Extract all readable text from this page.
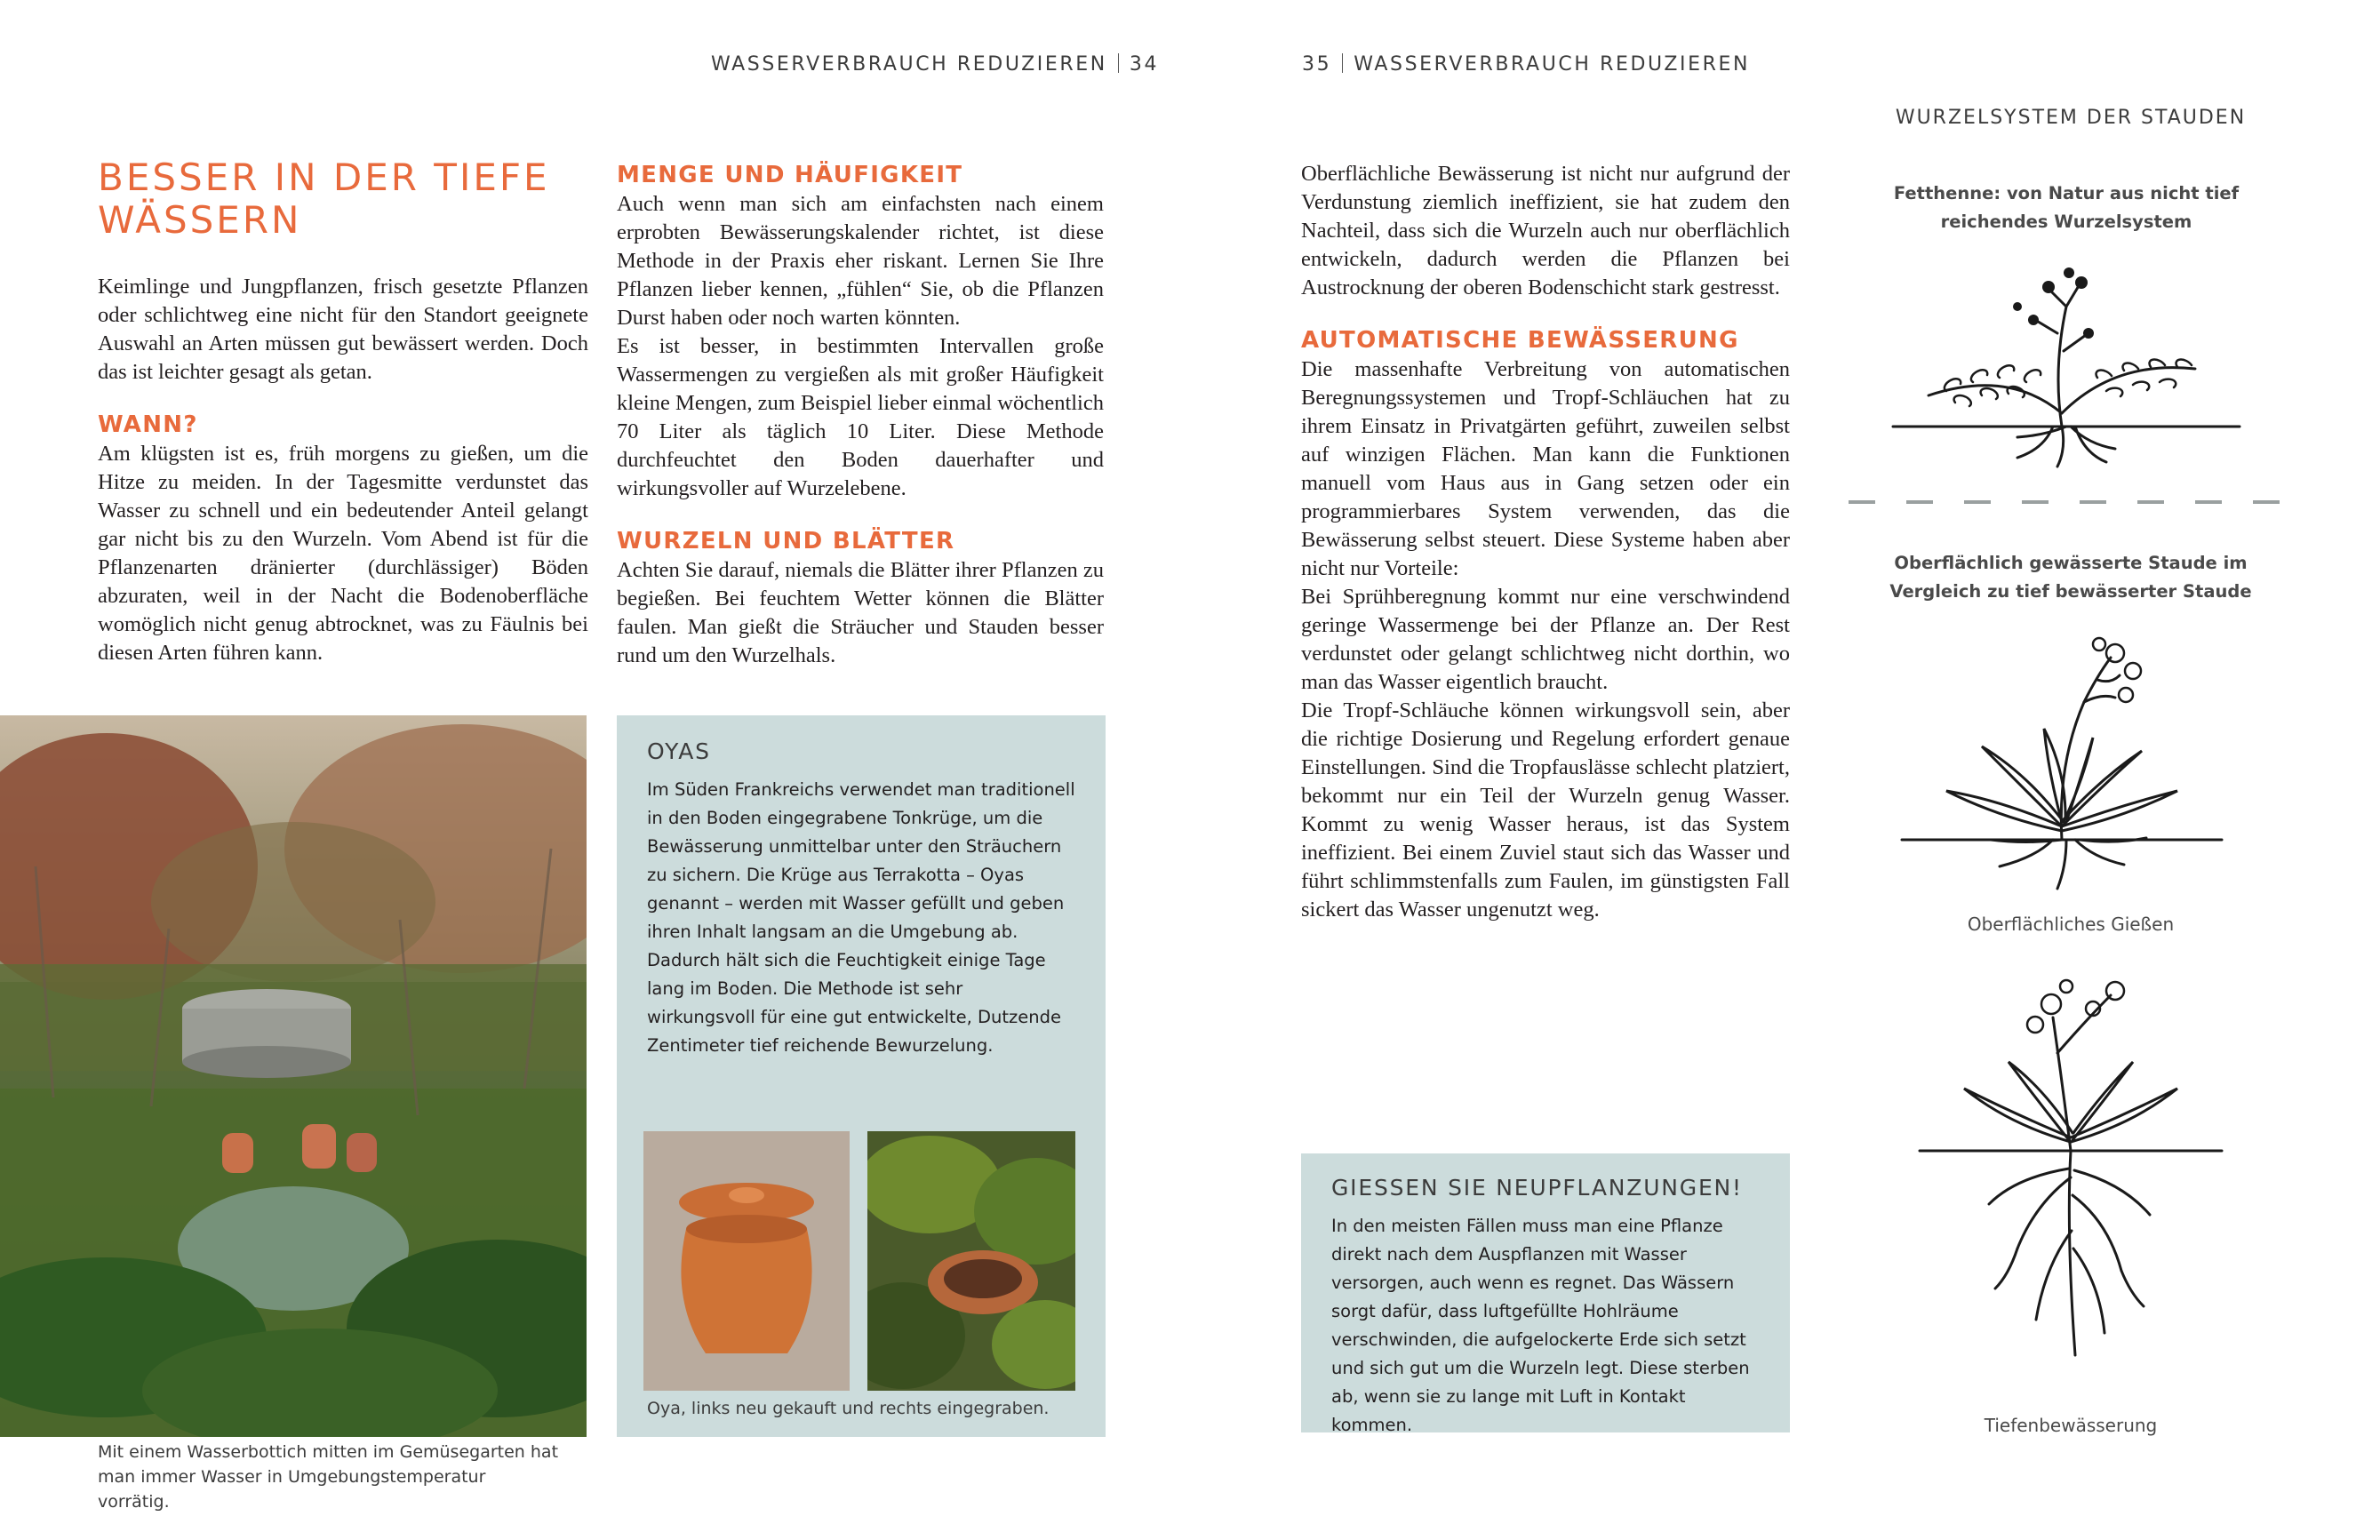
WASSERVERBRAUCH REDUZIEREN 34
BESSER IN DER TIEFE
WÄSSERN

Keimlinge und Jungpflanzen, frisch gesetzte Pflanzen oder schlichtweg eine nicht für den Standort geeignete Auswahl an Arten müssen gut bewässert werden. Doch das ist leichter gesagt als getan.

WANN?

Am klügsten ist es, früh morgens zu gießen, um die Hitze zu meiden. In der Tagesmitte verdunstet das Wasser zu schnell und ein bedeutender Anteil gelangt gar nicht bis zu den Wurzeln. Vom Abend ist für die Pflanzenarten dränierter (durchlässiger) Böden abzuraten, weil in der Nacht die Bodenoberfläche womöglich nicht genug abtrocknet, was zu Fäulnis bei diesen Arten führen kann.

MENGE UND HÄUFIGKEIT

Auch wenn man sich am einfachsten nach einem erprobten Bewässerungskalender richtet, ist diese Methode in der Praxis eher riskant. Lernen Sie Ihre Pflanzen lieber kennen, „fühlen“ Sie, ob die Pflanzen Durst haben oder noch warten könnten.

Es ist besser, in bestimmten Intervallen große Wassermengen zu vergießen als mit großer Häufigkeit kleine Mengen, zum Beispiel lieber einmal wöchentlich 70 Liter als täglich 10 Liter. Diese Methode durchfeuchtet den Boden dauerhafter und wirkungsvoller auf Wurzelebene.

WURZELN UND BLÄTTER

Achten Sie darauf, niemals die Blätter ihrer Pflanzen zu begießen. Bei feuchtem Wetter können die Blätter faulen. Man gießt die Sträucher und Stauden besser rund um den Wurzelhals.

Mit einem Wasserbottich mitten im Gemüsegarten hat man immer Wasser in Umgebungstemperatur vorrätig.
OYAS
Im Süden Frankreichs verwendet man traditionell in den Boden eingegrabene Tonkrüge, um die Bewässerung unmittelbar unter den Sträuchern zu sichern. Die Krüge aus Terrakotta – Oyas genannt – werden mit Wasser gefüllt und geben ihren Inhalt langsam an die Umgebung ab. Dadurch hält sich die Feuchtigkeit einige Tage lang im Boden. Die Methode ist sehr wirkungsvoll für eine gut entwickelte, Dutzende Zentimeter tief reichende Bewurzelung.
Oya, links neu gekauft und rechts eingegraben.
35 WASSERVERBRAUCH REDUZIEREN

Oberflächliche Bewässerung ist nicht nur aufgrund der Verdunstung ziemlich ineffizient, sie hat zudem den Nachteil, dass sich die Wurzeln auch nur oberflächlich entwickeln, dadurch werden die Pflanzen bei Austrocknung der oberen Bodenschicht stark gestresst.

AUTOMATISCHE BEWÄSSERUNG

Die massenhafte Verbreitung von automatischen Beregnungssystemen und Tropf-Schläuchen hat zu ihrem Einsatz in Privatgärten geführt, zuweilen selbst auf winzigen Flächen. Man kann die Funktionen manuell vom Haus aus in Gang setzen oder ein programmierbares System verwenden, das die Bewässerung selbst steuert. Diese Systeme haben aber nicht nur Vorteile:

Bei Sprühberegnung kommt nur eine verschwindend geringe Wassermenge bei der Pflanze an. Der Rest verdunstet oder gelangt schlichtweg nicht dorthin, wo man das Wasser eigentlich braucht.

Die Tropf-Schläuche können wirkungsvoll sein, aber die richtige Dosierung und Regelung erfordert genaue Einstellungen. Sind die Tropfauslässe schlecht platziert, bekommt nur ein Teil der Wurzeln genug Wasser. Kommt zu wenig Wasser heraus, ist das System ineffizient. Bei einem Zuviel staut sich das Wasser und führt schlimmstenfalls zum Faulen, im günstigsten Fall sickert das Wasser ungenutzt weg.

GIESSEN SIE NEUPFLANZUNGEN!
In den meisten Fällen muss man eine Pflanze direkt nach dem Auspflanzen mit Wasser versorgen, auch wenn es regnet. Das Wässern sorgt dafür, dass luftgefüllte Hohlräume verschwinden, die aufgelockerte Erde sich setzt und sich gut um die Wurzeln legt. Diese sterben ab, wenn sie zu lange mit Luft in Kontakt kommen.
WURZELSYSTEM DER STAUDEN
Fetthenne: von Natur aus nicht tief reichendes Wurzelsystem
Oberflächlich gewässerte Staude im Vergleich zu tief bewässerter Staude
Oberflächliches Gießen
Tiefenbewässerung
